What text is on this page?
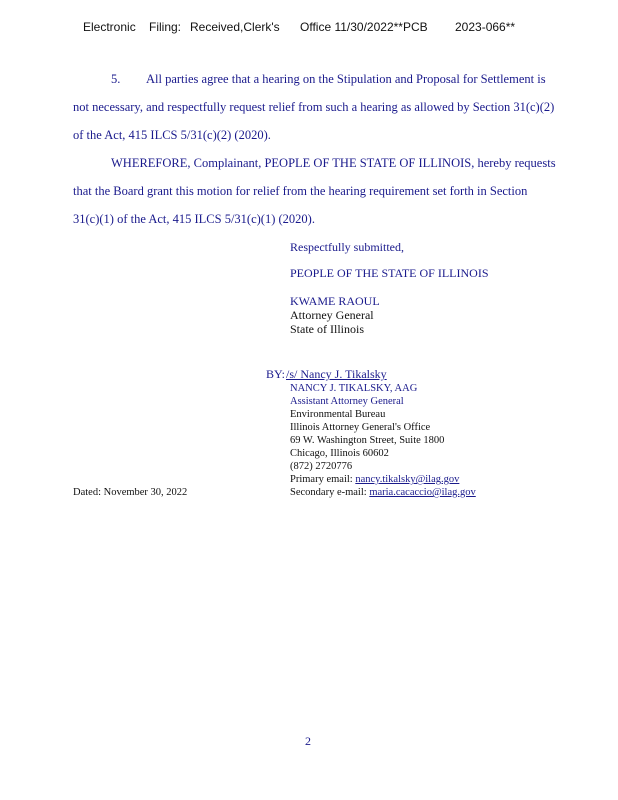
Electronic	Filing: Received,Clerk's	Office 11/30/2022**PCB	2023-066**
5. All parties agree that a hearing on the Stipulation and Proposal for Settlement is
not necessary, and respectfully request relief from such a hearing as allowed by Section 31(c)(2)
of the Act, 415 ILCS 5/31(c)(2) (2020).
WHEREFORE, Complainant, PEOPLE OF THE STATE OF ILLINOIS, hereby requests
that the Board grant this motion for relief from the hearing requirement set forth in Section
31(c)(1) of the Act, 415 ILCS 5/31(c)(1) (2020).
Respectfully submitted,
PEOPLE OF THE STATE OF ILLINOIS
KWAME RAOUL
Attorney General
State of Illinois
BY: /s/ Nancy J. Tikalsky
NANCY J. TIKALSKY, AAG
Assistant Attorney General
Environmental Bureau
Illinois Attorney General's Office
69 W. Washington Street, Suite 1800
Chicago, Illinois 60602
(872) 2720776
Primary email: nancy.tikalsky@ilag.gov
Secondary e-mail: maria.cacaccio@ilag.gov
Dated: November 30, 2022
2
